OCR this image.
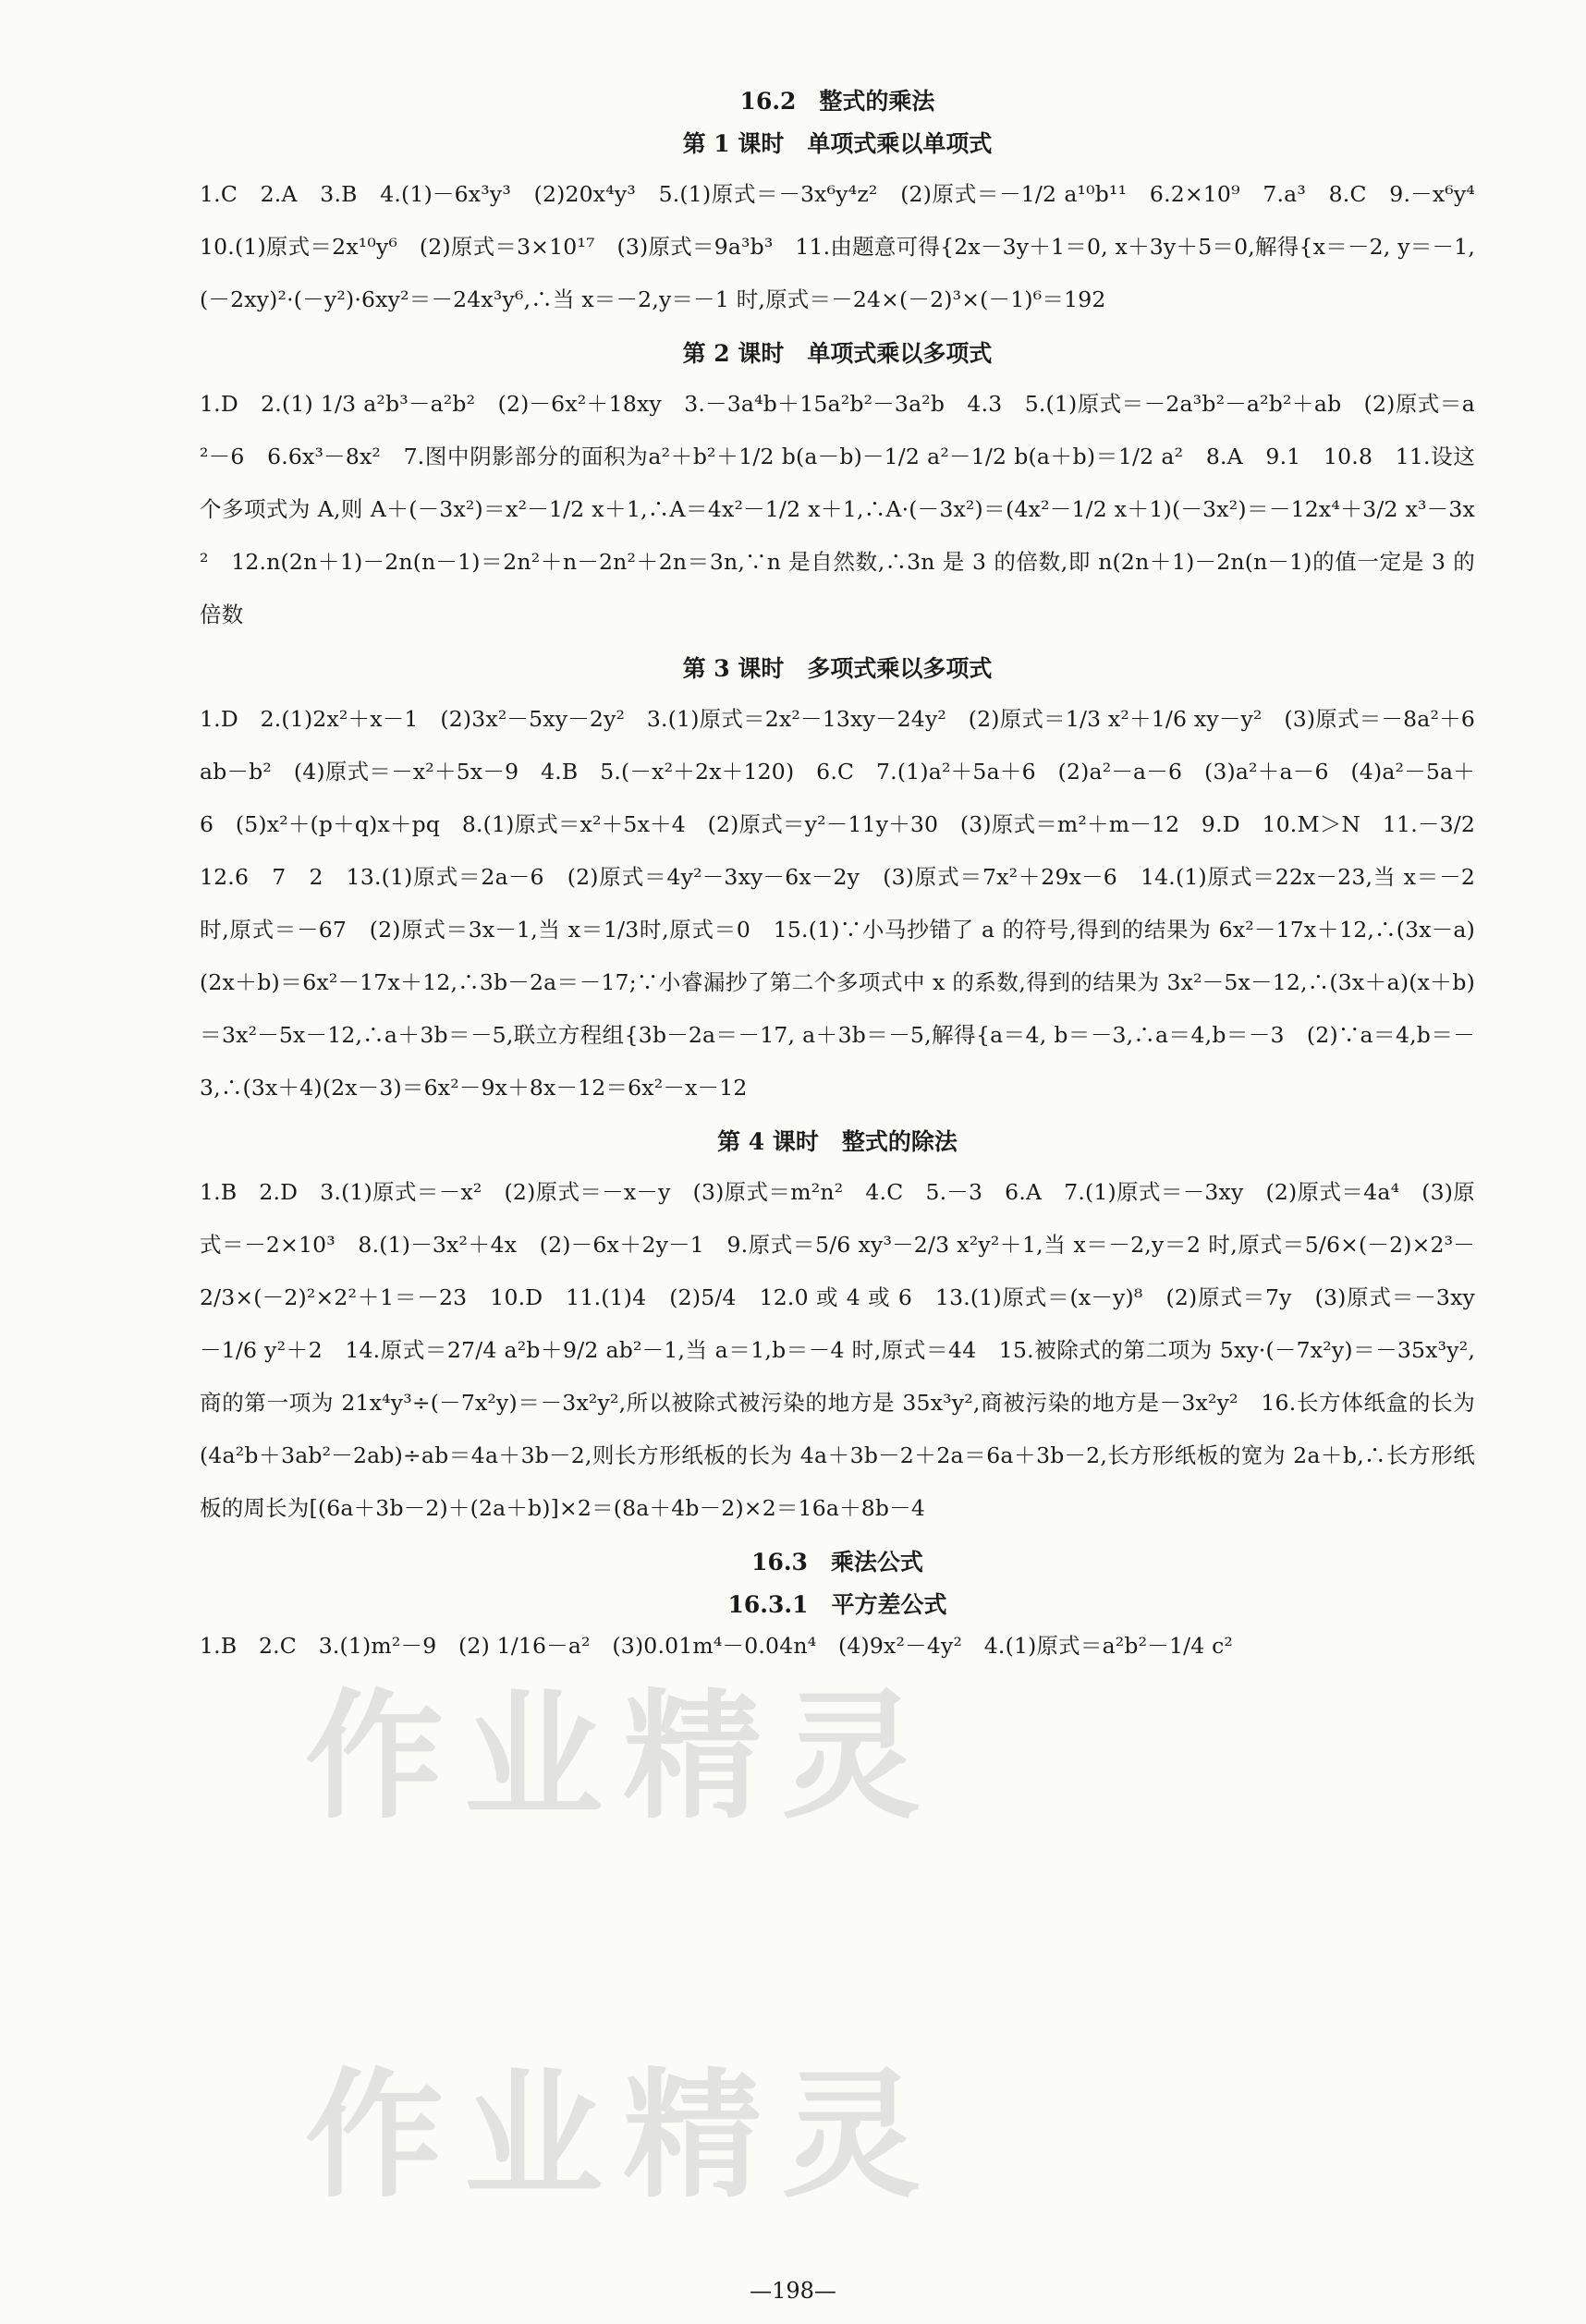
16.2　整式的乘法

第 1 课时　单项式乘以单项式

1.C　2.A　3.B　4.(1)－6x³y³　(2)20x⁴y³　5.(1)原式＝－3x⁶y⁴z²　(2)原式＝－1/2 a¹⁰b¹¹　6.2×10⁹　7.a³　8.C　9.－x⁶y⁴　10.(1)原式＝2x¹⁰y⁶　(2)原式＝3×10¹⁷　(3)原式＝9a³b³　11.由题意可得{2x－3y＋1＝0, x＋3y＋5＝0,解得{x＝－2, y＝－1,(－2xy)²·(－y²)·6xy²＝－24x³y⁶,∴当 x＝－2,y＝－1 时,原式＝－24×(－2)³×(－1)⁶＝192

第 2 课时　单项式乘以多项式

1.D　2.(1) 1/3 a²b³－a²b²　(2)－6x²＋18xy　3.－3a⁴b＋15a²b²－3a²b　4.3　5.(1)原式＝－2a³b²－a²b²＋ab　(2)原式＝a²－6　6.6x³－8x²　7.图中阴影部分的面积为a²＋b²＋1/2 b(a－b)－1/2 a²－1/2 b(a＋b)＝1/2 a²　8.A　9.1　10.8　11.设这个多项式为 A,则 A＋(－3x²)＝x²－1/2 x＋1,∴A＝4x²－1/2 x＋1,∴A·(－3x²)＝(4x²－1/2 x＋1)(－3x²)＝－12x⁴＋3/2 x³－3x²　12.n(2n＋1)－2n(n－1)＝2n²＋n－2n²＋2n＝3n,∵n 是自然数,∴3n 是 3 的倍数,即 n(2n＋1)－2n(n－1)的值一定是 3 的倍数

第 3 课时　多项式乘以多项式

1.D　2.(1)2x²＋x－1　(2)3x²－5xy－2y²　3.(1)原式＝2x²－13xy－24y²　(2)原式＝1/3 x²＋1/6 xy－y²　(3)原式＝－8a²＋6ab－b²　(4)原式＝－x²＋5x－9　4.B　5.(－x²＋2x＋120)　6.C　7.(1)a²＋5a＋6　(2)a²－a－6　(3)a²＋a－6　(4)a²－5a＋6　(5)x²＋(p＋q)x＋pq　8.(1)原式＝x²＋5x＋4　(2)原式＝y²－11y＋30　(3)原式＝m²＋m－12　9.D　10.M＞N　11.－3/2　12.6　7　2　13.(1)原式＝2a－6　(2)原式＝4y²－3xy－6x－2y　(3)原式＝7x²＋29x－6　14.(1)原式＝22x－23,当 x＝－2 时,原式＝－67　(2)原式＝3x－1,当 x＝1/3时,原式＝0　15.(1)∵小马抄错了 a 的符号,得到的结果为 6x²－17x＋12,∴(3x－a)(2x＋b)＝6x²－17x＋12,∴3b－2a＝－17;∵小睿漏抄了第二个多项式中 x 的系数,得到的结果为 3x²－5x－12,∴(3x＋a)(x＋b)＝3x²－5x－12,∴a＋3b＝－5,联立方程组{3b－2a＝－17, a＋3b＝－5,解得{a＝4, b＝－3,∴a＝4,b＝－3　(2)∵a＝4,b＝－3,∴(3x＋4)(2x－3)＝6x²－9x＋8x－12＝6x²－x－12

第 4 课时　整式的除法

1.B　2.D　3.(1)原式＝－x²　(2)原式＝－x－y　(3)原式＝m²n²　4.C　5.－3　6.A　7.(1)原式＝－3xy　(2)原式＝4a⁴　(3)原式＝－2×10³　8.(1)－3x²＋4x　(2)－6x＋2y－1　9.原式＝5/6 xy³－2/3 x²y²＋1,当 x＝－2,y＝2 时,原式＝5/6×(－2)×2³－2/3×(－2)²×2²＋1＝－23　10.D　11.(1)4　(2)5/4　12.0 或 4 或 6　13.(1)原式＝(x－y)⁸　(2)原式＝7y　(3)原式＝－3xy－1/6 y²＋2　14.原式＝27/4 a²b＋9/2 ab²－1,当 a＝1,b＝－4 时,原式＝44　15.被除式的第二项为 5xy·(－7x²y)＝－35x³y²,商的第一项为 21x⁴y³÷(－7x²y)＝－3x²y²,所以被除式被污染的地方是 35x³y²,商被污染的地方是－3x²y²　16.长方体纸盒的长为(4a²b＋3ab²－2ab)÷ab＝4a＋3b－2,则长方形纸板的长为 4a＋3b－2＋2a＝6a＋3b－2,长方形纸板的宽为 2a＋b,∴长方形纸板的周长为[(6a＋3b－2)＋(2a＋b)]×2＝(8a＋4b－2)×2＝16a＋8b－4

16.3　乘法公式

16.3.1　平方差公式

1.B　2.C　3.(1)m²－9　(2) 1/16－a²　(3)0.01m⁴－0.04n⁴　(4)9x²－4y²　4.(1)原式＝a²b²－1/4 c²

作业精灵
作业精灵
—198—
